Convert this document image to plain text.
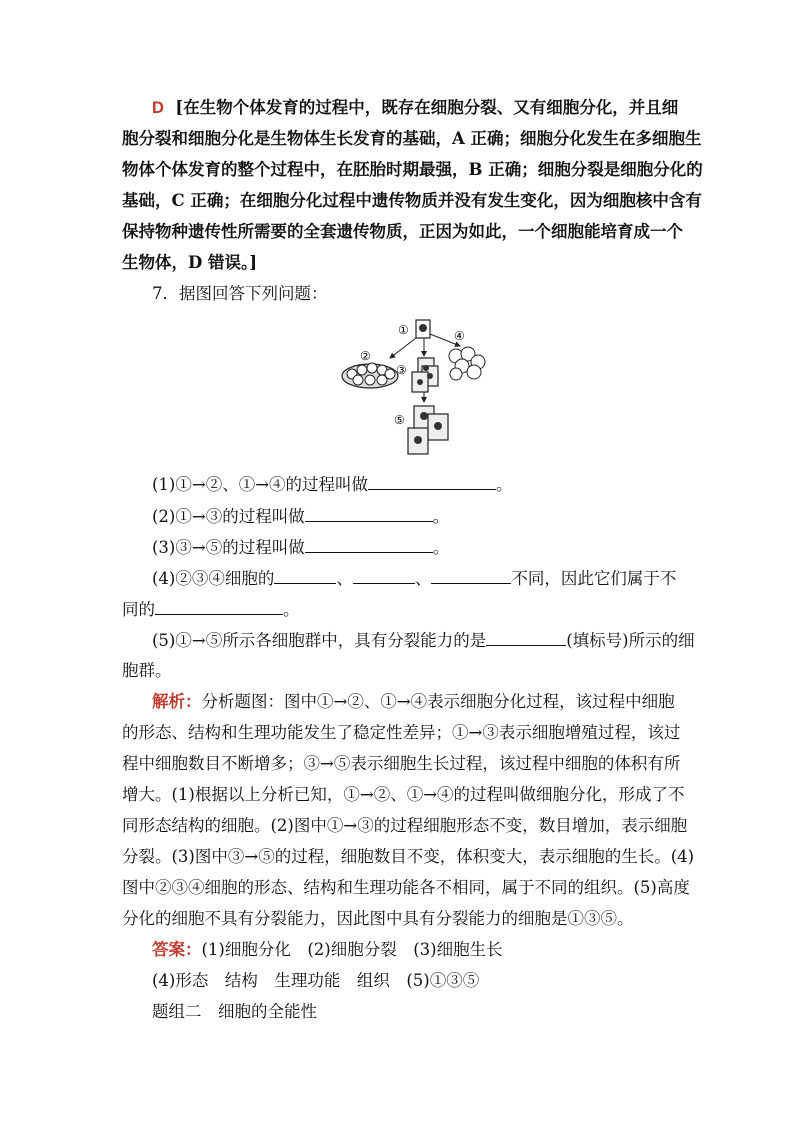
D [在生物个体发育的过程中，既存在细胞分裂、又有细胞分化，并且细
胞分裂和细胞分化是生物体生长发育的基础，A 正确；细胞分化发生在多细胞生
物体个体发育的整个过程中，在胚胎时期最强，B 正确；细胞分裂是细胞分化的
基础，C 正确；在细胞分化过程中遗传物质并没有发生变化，因为细胞核中含有
保持物种遗传性所需要的全套遗传物质，正因为如此，一个细胞能培育成一个
生物体，D 错误。]
7．据图回答下列问题：
①
②
③
④
⑤
(1)①→②、①→④的过程叫做	。
(2)①→③的过程叫做	。
(3)③→⑤的过程叫做	。
(4)②③④细胞的	、	、	不同，因此它们属于不
同的	。
(5)①→⑤所示各细胞群中，具有分裂能力的是	(填标号)所示的细
胞群。
解析：分析题图：图中①→②、①→④表示细胞分化过程，该过程中细胞
的形态、结构和生理功能发生了稳定性差异；①→③表示细胞增殖过程，该过
程中细胞数目不断增多；③→⑤表示细胞生长过程，该过程中细胞的体积有所
增大。(1)根据以上分析已知，①→②、①→④的过程叫做细胞分化，形成了不
同形态结构的细胞。(2)图中①→③的过程细胞形态不变，数目增加，表示细胞
分裂。(3)图中③→⑤的过程，细胞数目不变，体积变大，表示细胞的生长。(4)
图中②③④细胞的形态、结构和生理功能各不相同，属于不同的组织。(5)高度
分化的细胞不具有分裂能力，因此图中具有分裂能力的细胞是①③⑤。
答案：(1)细胞分化　(2)细胞分裂　(3)细胞生长
(4)形态　结构　生理功能　组织　(5)①③⑤
题组二　细胞的全能性
